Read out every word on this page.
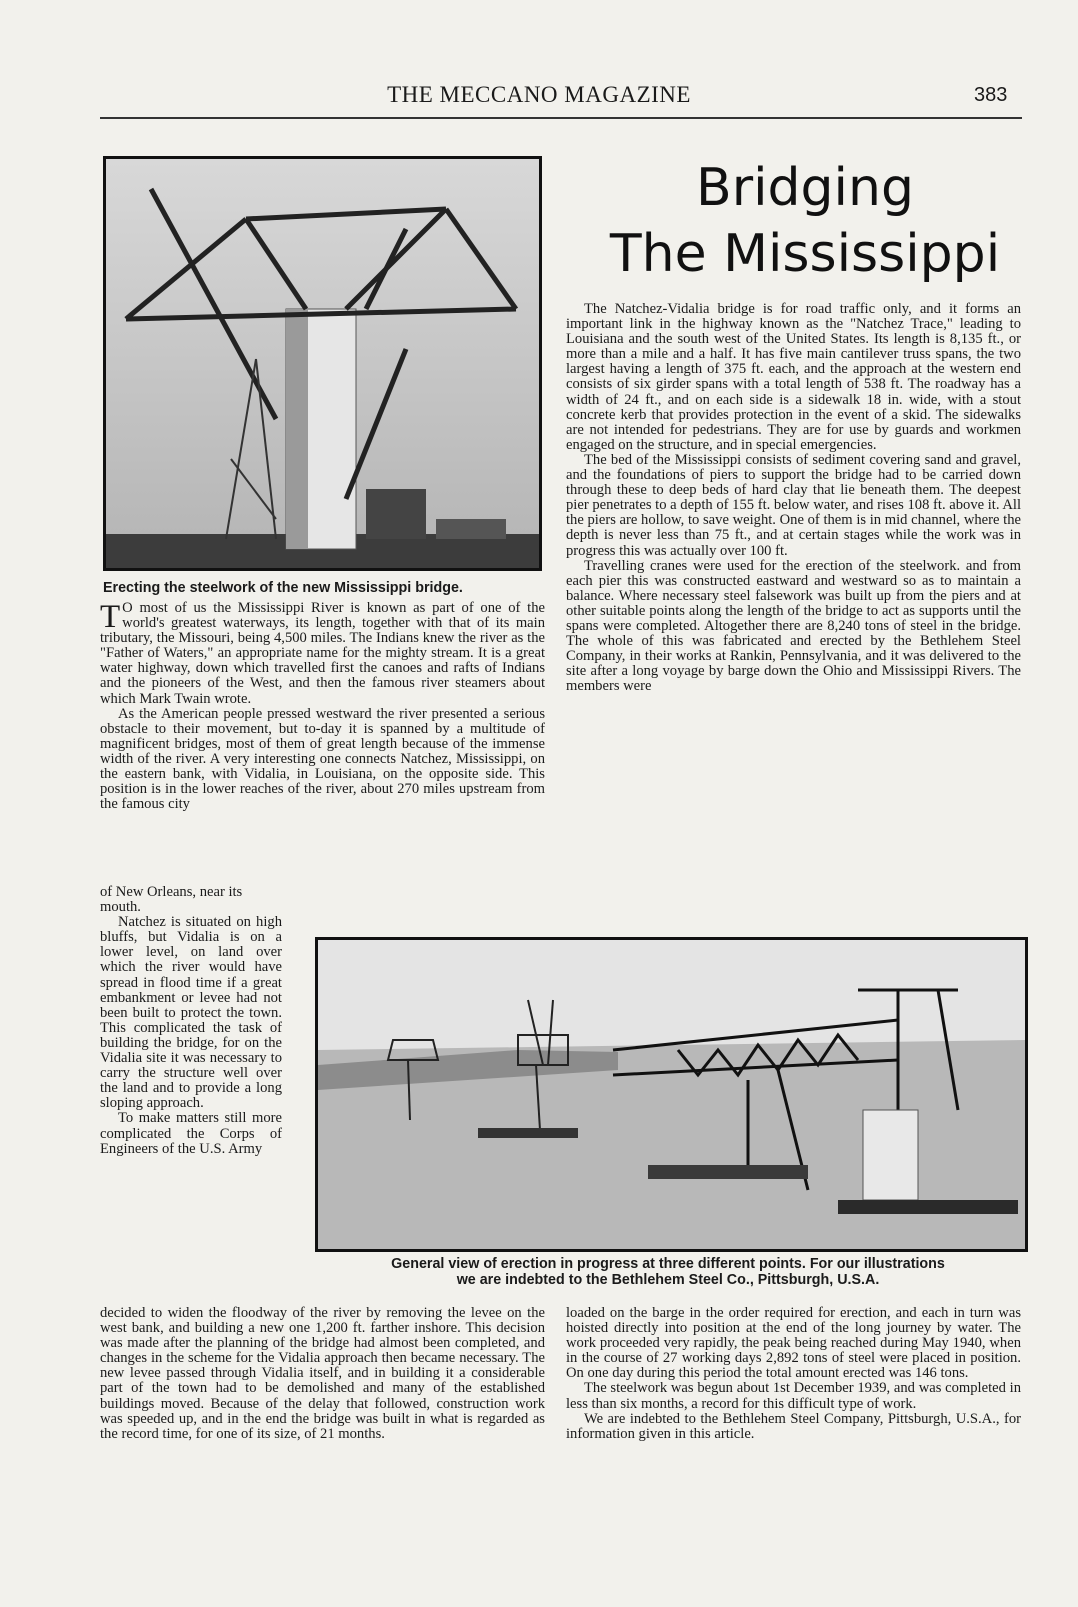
THE MECCANO MAGAZINE	383
Bridging
The Mississippi
Erecting the steelwork of the new Mississippi bridge.

T O most of us the Mississippi River is known as part of one of the world's greatest waterways, its length, together with that of its main tributary, the Missouri, being 4,500 miles. The Indians knew the river as the "Father of Waters," an appropriate name for the mighty stream. It is a great water highway, down which travelled first the canoes and rafts of Indians and the pioneers of the West, and then the famous river steamers about which Mark Twain wrote.

As the American people pressed westward the river presented a serious obstacle to their movement, but to-day it is spanned by a multitude of magnificent bridges, most of them of great length because of the immense width of the river. A very interesting one connects Natchez, Mississippi, on the eastern bank, with Vidalia, in Louisiana, on the opposite side. This position is in the lower reaches of the river, about 270 miles upstream from the famous city

of New Orleans, near its mouth.

Natchez is situated on high bluffs, but Vidalia is on a lower level, on land over which the river would have spread in flood time if a great embankment or levee had not been built to protect the town. This complicated the task of building the bridge, for on the Vidalia site it was necessary to carry the structure well over the land and to provide a long sloping approach.

To make matters still more complicated the Corps of Engineers of the U.S. Army

The Natchez-Vidalia bridge is for road traffic only, and it forms an important link in the highway known as the "Natchez Trace," leading to Louisiana and the south west of the United States. Its length is 8,135 ft., or more than a mile and a half. It has five main cantilever truss spans, the two largest having a length of 375 ft. each, and the approach at the western end consists of six girder spans with a total length of 538 ft. The roadway has a width of 24 ft., and on each side is a sidewalk 18 in. wide, with a stout concrete kerb that provides protection in the event of a skid. The sidewalks are not intended for pedestrians. They are for use by guards and workmen engaged on the structure, and in special emergencies.

The bed of the Mississippi consists of sediment covering sand and gravel, and the foundations of piers to support the bridge had to be carried down through these to deep beds of hard clay that lie beneath them. The deepest pier penetrates to a depth of 155 ft. below water, and rises 108 ft. above it. All the piers are hollow, to save weight. One of them is in mid channel, where the depth is never less than 75 ft., and at certain stages while the work was in progress this was actually over 100 ft.

Travelling cranes were used for the erection of the steelwork. and from each pier this was constructed eastward and westward so as to maintain a balance. Where necessary steel falsework was built up from the piers and at other suitable points along the length of the bridge to act as supports until the spans were completed. Altogether there are 8,240 tons of steel in the bridge. The whole of this was fabricated and erected by the Bethlehem Steel Company, in their works at Rankin, Pennsylvania, and it was delivered to the site after a long voyage by barge down the Ohio and Mississippi Rivers. The members were

General view of erection in progress at three different points. For our illustrations
we are indebted to the Bethlehem Steel Co., Pittsburgh, U.S.A.

decided to widen the floodway of the river by removing the levee on the west bank, and building a new one 1,200 ft. farther inshore. This decision was made after the planning of the bridge had almost been completed, and changes in the scheme for the Vidalia approach then became necessary. The new levee passed through Vidalia itself, and in building it a considerable part of the town had to be demolished and many of the established buildings moved. Because of the delay that followed, construction work was speeded up, and in the end the bridge was built in what is regarded as the record time, for one of its size, of 21 months.

loaded on the barge in the order required for erection, and each in turn was hoisted directly into position at the end of the long journey by water. The work proceeded very rapidly, the peak being reached during May 1940, when in the course of 27 working days 2,892 tons of steel were placed in position. On one day during this period the total amount erected was 146 tons.

The steelwork was begun about 1st December 1939, and was completed in less than six months, a record for this difficult type of work.

We are indebted to the Bethlehem Steel Company, Pittsburgh, U.S.A., for information given in this article.
